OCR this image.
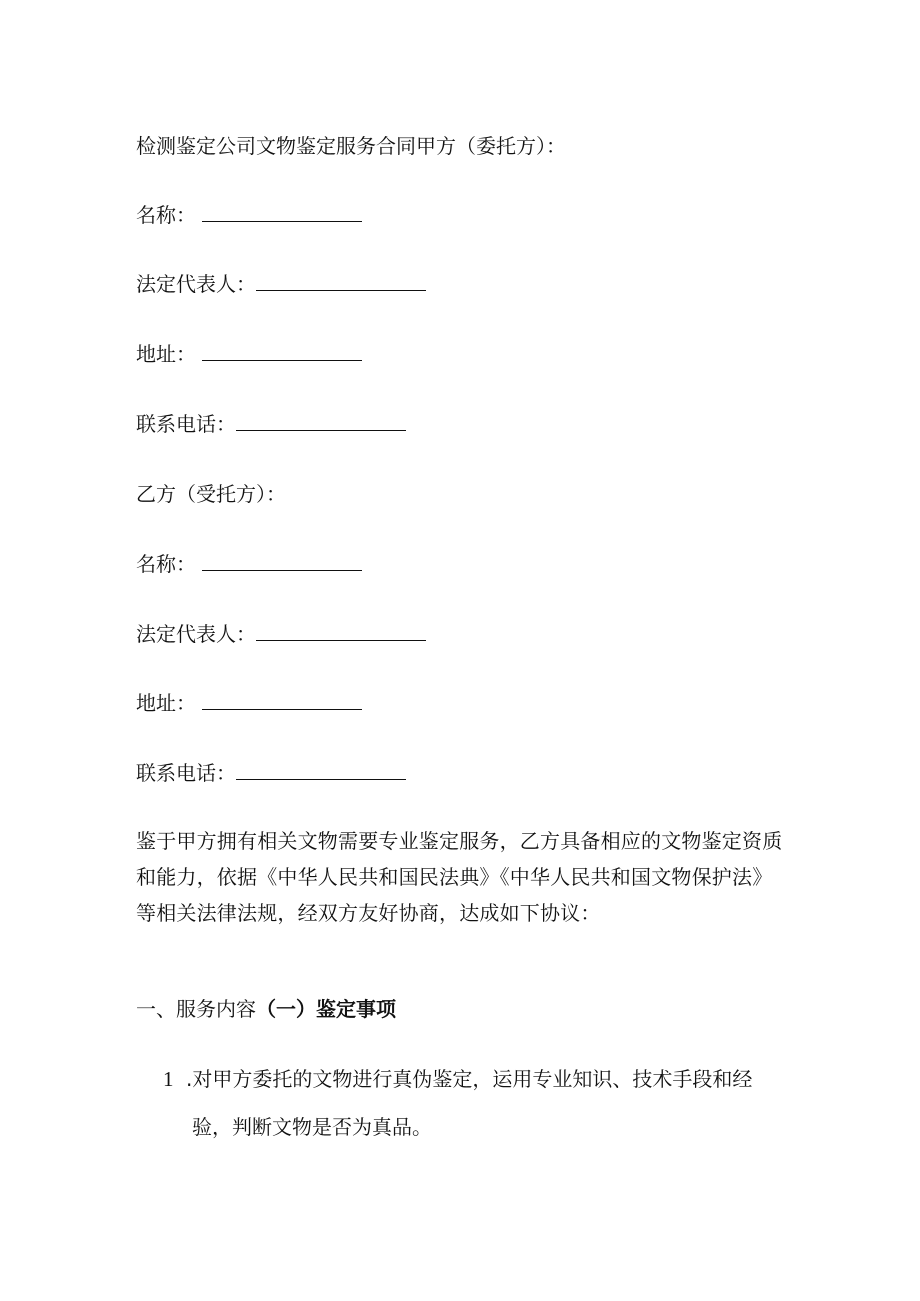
检测鉴定公司文物鉴定服务合同甲方（委托方）：
名称：
法定代表人：
地址：
联系电话：
乙方（受托方）：
名称：
法定代表人：
地址：
联系电话：
鉴于甲方拥有相关文物需要专业鉴定服务，乙方具备相应的文物鉴定资质
和能力，依据《中华人民共和国民法典》《中华人民共和国文物保护法》
等相关法律法规，经双方友好协商，达成如下协议：
一、服务内容（一）鉴定事项
1 .对甲方委托的文物进行真伪鉴定，运用专业知识、技术手段和经
验，判断文物是否为真品。
